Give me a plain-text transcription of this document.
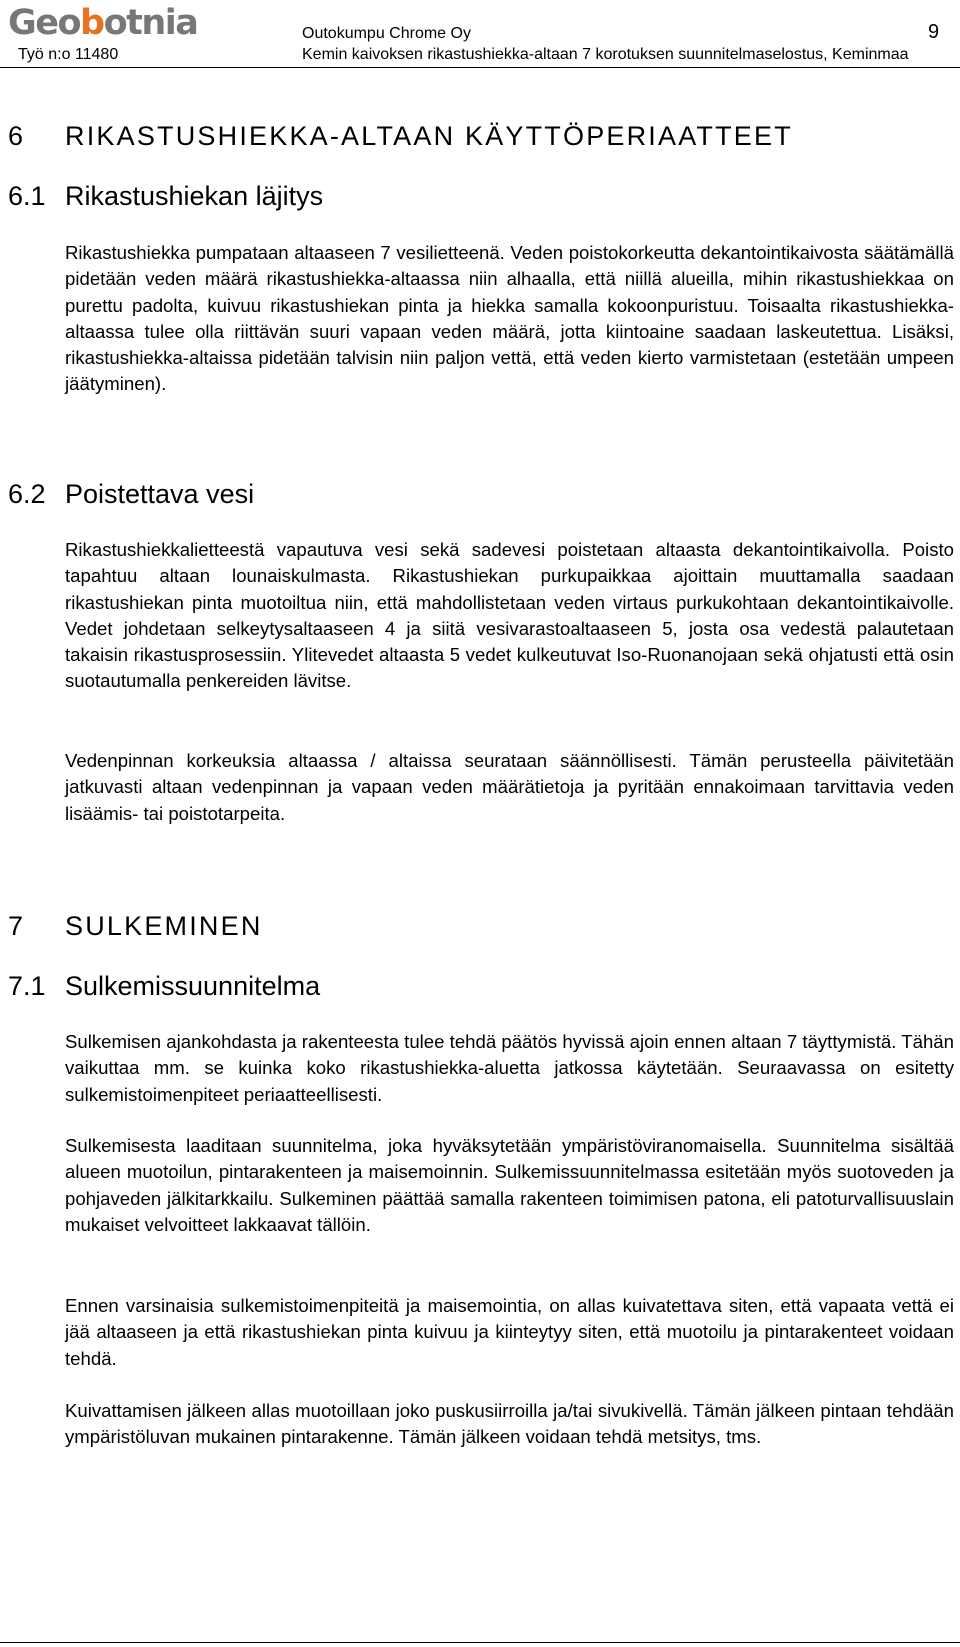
Geobotnia
Työ n:o 11480
Outokumpu Chrome Oy
Kemin kaivoksen rikastushiekka-altaan 7 korotuksen suunnitelmaselostus, Keminmaa
9
6 RIKASTUSHIEKKA-ALTAAN KÄYTTÖPERIAATTEET
6.1 Rikastushiekan läjitys

Rikastushiekka pumpataan altaaseen 7 vesilietteenä. Veden poistokorkeutta dekantointikaivosta säätämällä pidetään veden määrä rikastushiekka-altaassa niin alhaalla, että niillä alueilla, mihin rikastushiekkaa on purettu padolta, kuivuu rikastushiekan pinta ja hiekka samalla kokoonpuristuu. Toisaalta rikastushiekka-altaassa tulee olla riittävän suuri vapaan veden määrä, jotta kiintoaine saadaan laskeutettua. Lisäksi, rikastushiekka-altaissa pidetään talvisin niin paljon vettä, että veden kierto varmistetaan (estetään umpeen jäätyminen).

6.2 Poistettava vesi

Rikastushiekkalietteestä vapautuva vesi sekä sadevesi poistetaan altaasta dekantointikaivolla. Poisto tapahtuu altaan lounaiskulmasta. Rikastushiekan purkupaikkaa ajoittain muuttamalla saadaan rikastushiekan pinta muotoiltua niin, että mahdollistetaan veden virtaus purkukohtaan dekantointikaivolle. Vedet johdetaan selkeytysaltaaseen 4 ja siitä vesivarastoaltaaseen 5, josta osa vedestä palautetaan takaisin rikastusprosessiin. Ylitevedet altaasta 5 vedet kulkeutuvat Iso-Ruonanojaan sekä ohjatusti että osin suotautumalla penkereiden lävitse.

Vedenpinnan korkeuksia altaassa / altaissa seurataan säännöllisesti. Tämän perusteella päivitetään jatkuvasti altaan vedenpinnan ja vapaan veden määrätietoja ja pyritään ennakoimaan tarvittavia veden lisäämis- tai poistotarpeita.

7 SULKEMINEN
7.1 Sulkemissuunnitelma

Sulkemisen ajankohdasta ja rakenteesta tulee tehdä päätös hyvissä ajoin ennen altaan 7 täyttymistä. Tähän vaikuttaa mm. se kuinka koko rikastushiekka-aluetta jatkossa käytetään. Seuraavassa on esitetty sulkemistoimenpiteet periaatteellisesti.

Sulkemisesta laaditaan suunnitelma, joka hyväksytetään ympäristöviranomaisella. Suunnitelma sisältää alueen muotoilun, pintarakenteen ja maisemoinnin. Sulkemissuunnitelmassa esitetään myös suotoveden ja pohjaveden jälkitarkkailu. Sulkeminen päättää samalla rakenteen toimimisen patona, eli patoturvallisuuslain mukaiset velvoitteet lakkaavat tällöin.

Ennen varsinaisia sulkemistoimenpiteitä ja maisemointia, on allas kuivatettava siten, että vapaata vettä ei jää altaaseen ja että rikastushiekan pinta kuivuu ja kiinteytyy siten, että muotoilu ja pintarakenteet voidaan tehdä.

Kuivattamisen jälkeen allas muotoillaan joko puskusiirroilla ja/tai sivukivellä. Tämän jälkeen pintaan tehdään ympäristöluvan mukainen pintarakenne. Tämän jälkeen voidaan tehdä metsitys, tms.
